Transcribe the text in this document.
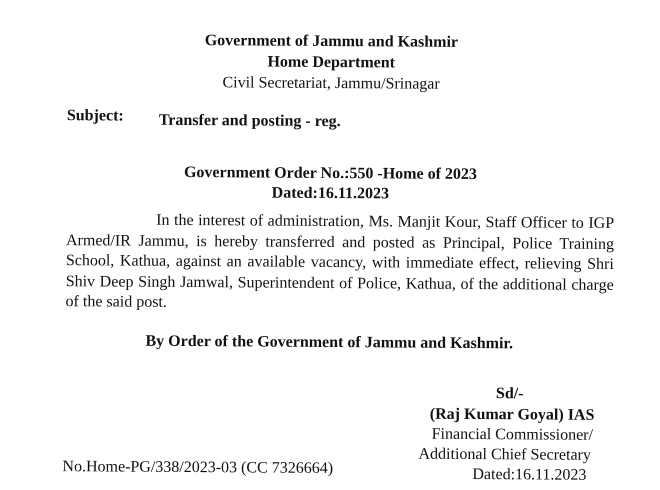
Government of Jammu and Kashmir
Home Department
Civil Secretariat, Jammu/Srinagar
Subject: Transfer and posting - reg.
Government Order No.:550 -Home of 2023
Dated:16.11.2023
In the interest of administration, Ms. Manjit Kour, Staff Officer to IGP Armed/IR Jammu, is hereby transferred and posted as Principal, Police Training School, Kathua, against an available vacancy, with immediate effect, relieving Shri Shiv Deep Singh Jamwal, Superintendent of Police, Kathua, of the additional charge of the said post.
By Order of the Government of Jammu and Kashmir.
Sd/-
(Raj Kumar Goyal) IAS
Financial Commissioner/
Additional Chief Secretary
Dated:16.11.2023
No.Home-PG/338/2023-03 (CC 7326664)
